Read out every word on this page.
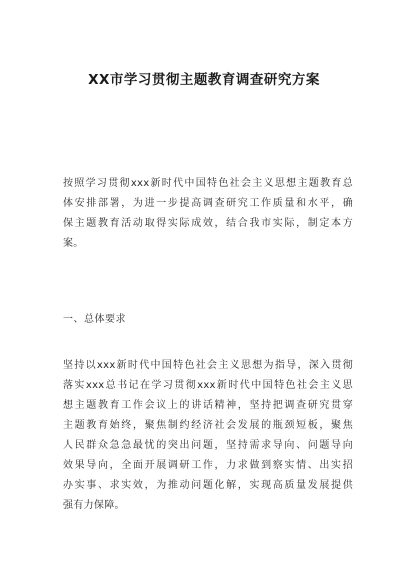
XX市学习贯彻主题教育调查研究方案
按照学习贯彻xxx新时代中国特色社会主义思想主题教育总
体安排部署，为进一步提高调查研究工作质量和水平，确
保主题教育活动取得实际成效，结合我市实际，制定本方
案。
一、总体要求
坚持以xxx新时代中国特色社会主义思想为指导，深入贯彻
落实xxx总书记在学习贯彻xxx新时代中国特色社会主义思
想主题教育工作会议上的讲话精神，坚持把调查研究贯穿
主题教育始终，聚焦制约经济社会发展的瓶颈短板，聚焦
人民群众急急最忧的突出问题，坚持需求导向、问题导向
效果导向，全面开展调研工作，力求做到察实情、出实招
办实事、求实效，为推动问题化解，实现高质量发展提供
强有力保障。
